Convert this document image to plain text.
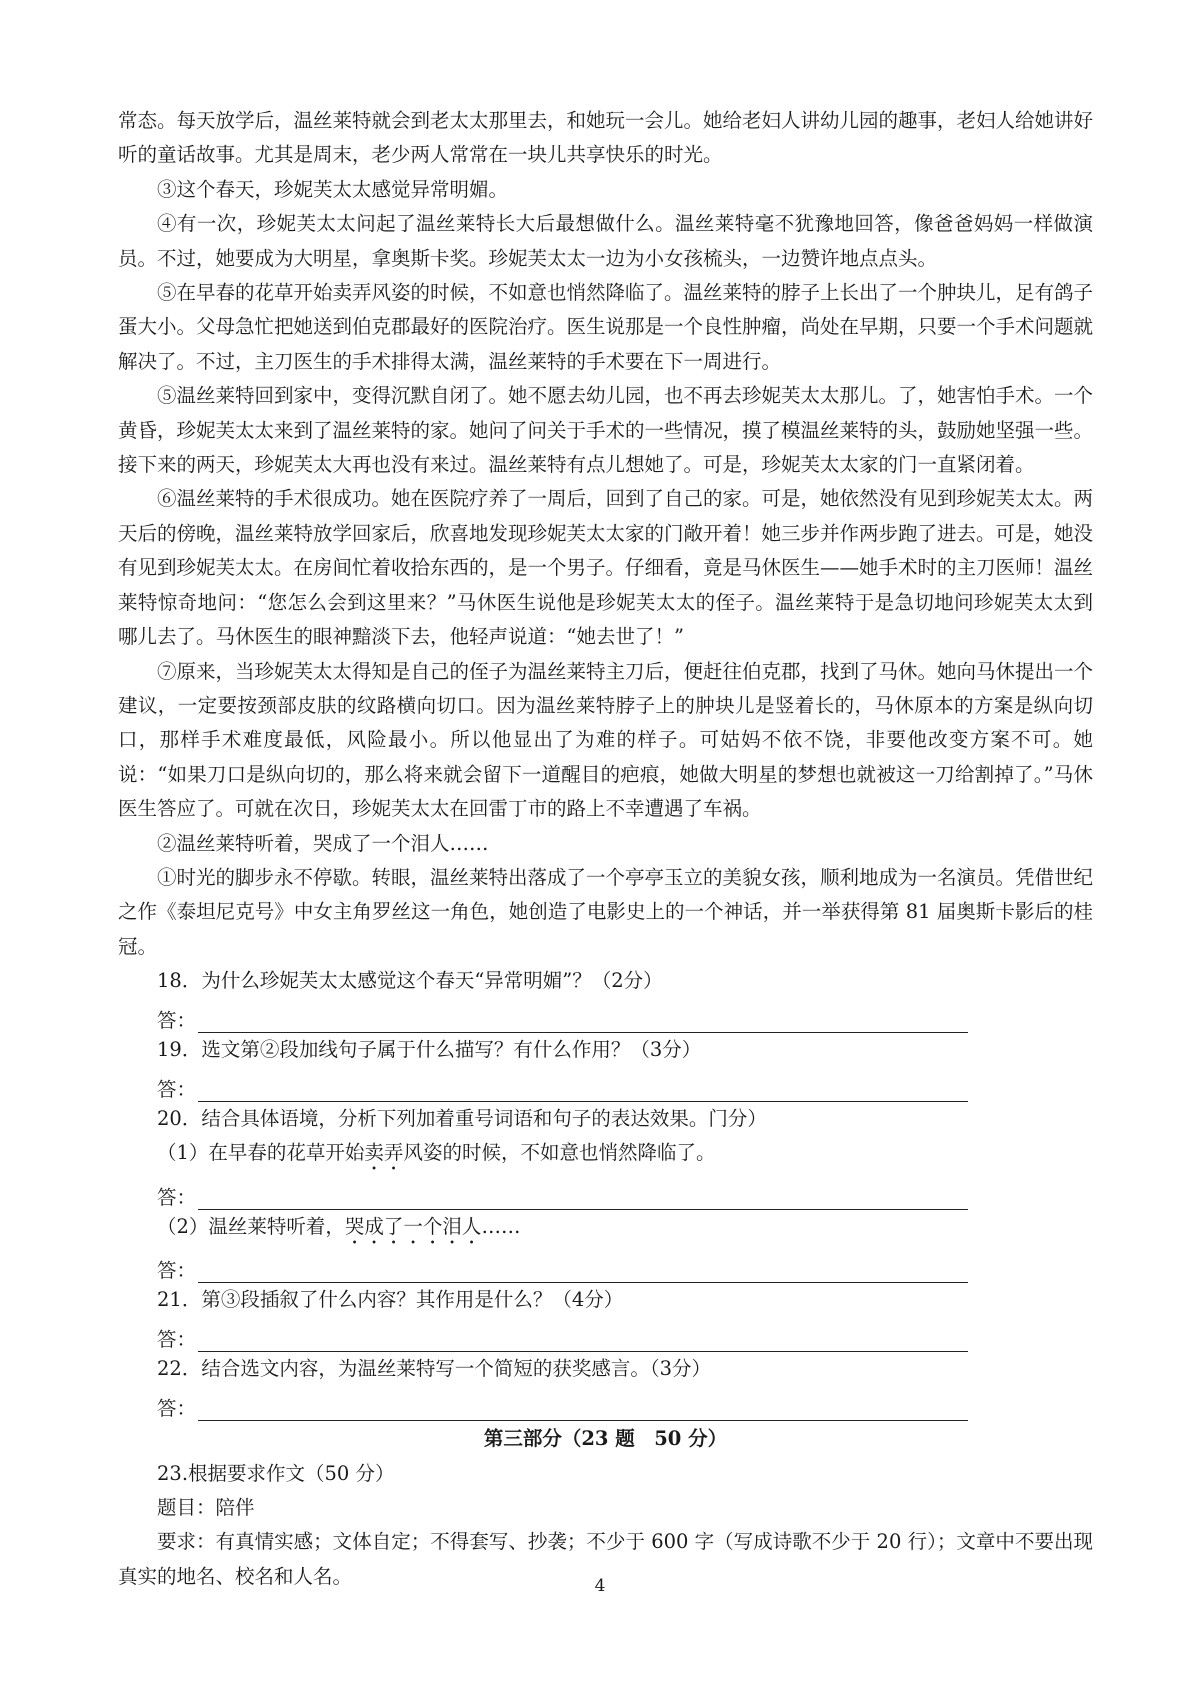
常态。每天放学后，温丝莱特就会到老太太那里去，和她玩一会儿。她给老妇人讲幼儿园的趣事，老妇人给她讲好听的童话故事。尤其是周末，老少两人常常在一块儿共享快乐的时光。

③这个春天，珍妮芙太太感觉异常明媚。

④有一次，珍妮芙太太问起了温丝莱特长大后最想做什么。温丝莱特毫不犹豫地回答，像爸爸妈妈一样做演员。不过，她要成为大明星，拿奥斯卡奖。珍妮芙太太一边为小女孩梳头，一边赞许地点点头。

⑤在早春的花草开始卖弄风姿的时候，不如意也悄然降临了。温丝莱特的脖子上长出了一个肿块儿，足有鸽子蛋大小。父母急忙把她送到伯克郡最好的医院治疗。医生说那是一个良性肿瘤，尚处在早期，只要一个手术问题就解决了。不过，主刀医生的手术排得太满，温丝莱特的手术要在下一周进行。

⑤温丝莱特回到家中，变得沉默自闭了。她不愿去幼儿园，也不再去珍妮芙太太那儿。了，她害怕手术。一个黄昏，珍妮芙太太来到了温丝莱特的家。她问了问关于手术的一些情况，摸了模温丝莱特的头，鼓励她坚强一些。接下来的两天，珍妮芙太大再也没有来过。温丝莱特有点儿想她了。可是，珍妮芙太太家的门一直紧闭着。

⑥温丝莱特的手术很成功。她在医院疗养了一周后，回到了自己的家。可是，她依然没有见到珍妮芙太太。两天后的傍晚，温丝莱特放学回家后，欣喜地发现珍妮芙太太家的门敞开着！她三步并作两步跑了进去。可是，她没有见到珍妮芙太太。在房间忙着收拾东西的，是一个男子。仔细看，竟是马休医生——她手术时的主刀医师！温丝莱特惊奇地问：“您怎么会到这里来？”马休医生说他是珍妮芙太太的侄子。温丝莱特于是急切地问珍妮芙太太到哪儿去了。马休医生的眼神黯淡下去，他轻声说道：“她去世了！”

⑦原来，当珍妮芙太太得知是自己的侄子为温丝莱特主刀后，便赶往伯克郡，找到了马休。她向马休提出一个建议，一定要按颈部皮肤的纹路横向切口。因为温丝莱特脖子上的肿块儿是竖着长的，马休原本的方案是纵向切口，那样手术难度最低，风险最小。所以他显出了为难的样子。可姑妈不依不饶，非要他改变方案不可。她说：“如果刀口是纵向切的，那么将来就会留下一道醒目的疤痕，她做大明星的梦想也就被这一刀给割掉了。”马休医生答应了。可就在次日，珍妮芙太太在回雷丁市的路上不幸遭遇了车祸。

②温丝莱特听着，哭成了一个泪人……

①时光的脚步永不停歇。转眼，温丝莱特出落成了一个亭亭玉立的美貌女孩，顺利地成为一名演员。凭借世纪之作《泰坦尼克号》中女主角罗丝这一角色，她创造了电影史上的一个神话，并一举获得第 81 届奥斯卡影后的桂冠。

18．为什么珍妮芙太太感觉这个春天“异常明媚”？（2分）

答：

19．选文第②段加线句子属于什么描写？有什么作用？（3分）

答：

20．结合具体语境，分析下列加着重号词语和句子的表达效果。门分）

（1）在早春的花草开始卖弄风姿的时候，不如意也悄然降临了。

答：

（2）温丝莱特听着，哭成了一个泪人……

答：

21．第③段插叙了什么内容？其作用是什么？（4分）

答：

22．结合选文内容，为温丝莱特写一个简短的获奖感言。（3分）

答：

第三部分（23 题　50 分）

23.根据要求作文（50 分）

题目：陪伴

要求：有真情实感；文体自定；不得套写、抄袭；不少于 600 字（写成诗歌不少于 20 行）；文章中不要出现真实的地名、校名和人名。	4
